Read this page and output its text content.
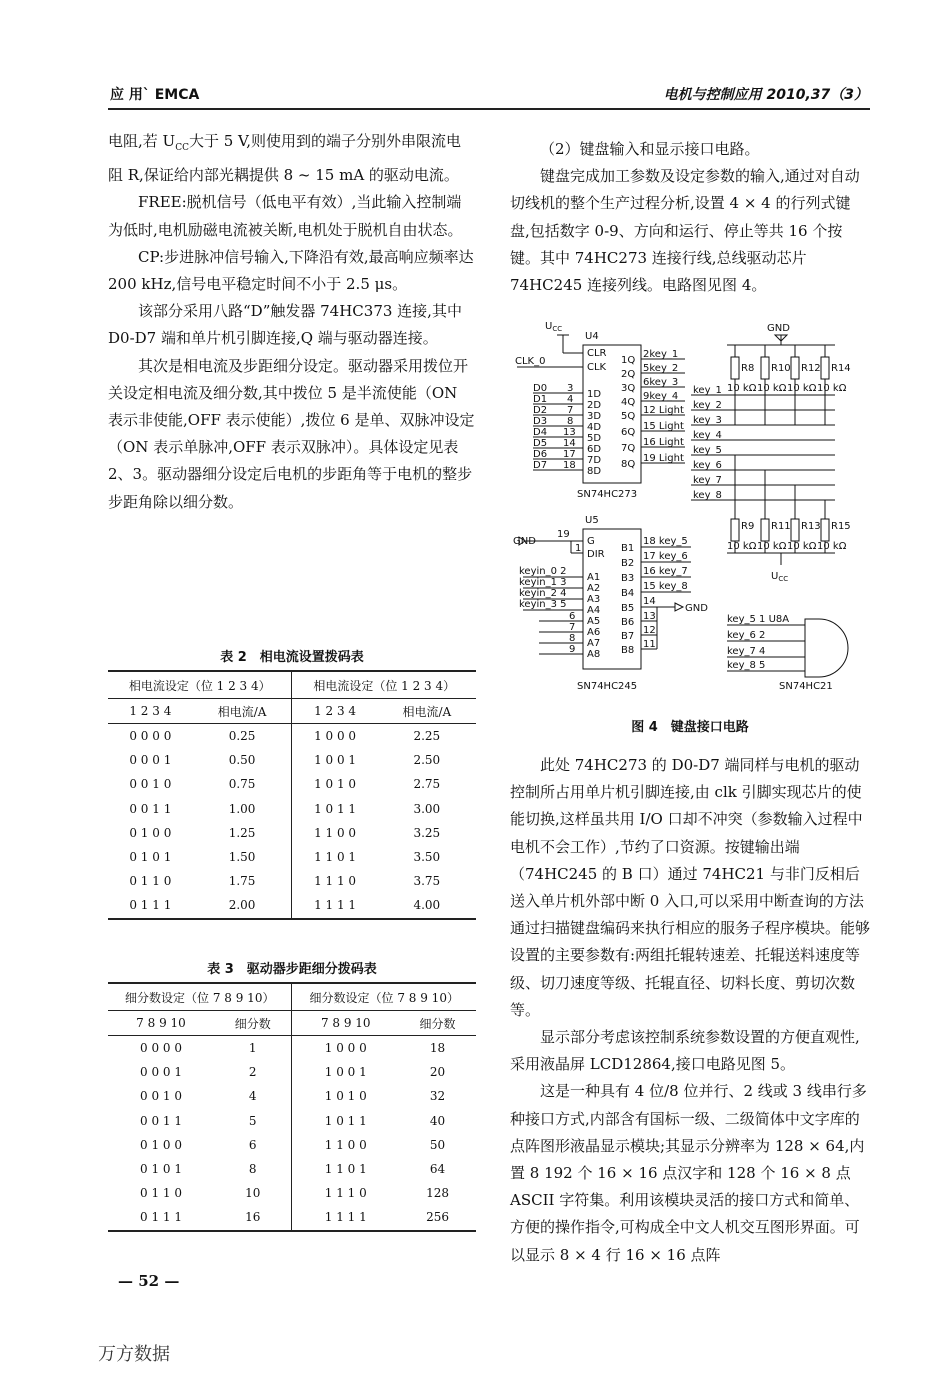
应 用` EMCA	电机与控制应用 2010,37（3）

电阻,若 $U_{CC}$大于 5 V,则使用到的端子分别外串限流电阻 R,保证给内部光耦提供 8 ~ 15 mA 的驱动电流。

FREE:脱机信号（低电平有效）,当此输入控制端为低时,电机励磁电流被关断,电机处于脱机自由状态。

CP:步进脉冲信号输入,下降沿有效,最高响应频率达 200 kHz,信号电平稳定时间不小于 2.5 μs。

该部分采用八路“D”触发器 74HC373 连接,其中 D0-D7 端和单片机引脚连接,Q 端与驱动器连接。

其次是相电流及步距细分设定。驱动器采用拨位开关设定相电流及细分数,其中拨位 5 是半流使能（ON 表示非使能,OFF 表示使能）,拨位 6 是单、双脉冲设定（ON 表示单脉冲,OFF 表示双脉冲）。具体设定见表 2、3。驱动器细分设定后电机的步距角等于电机的整步步距角除以细分数。

表 2　相电流设置拨码表
相电流设定（位 1 2 3 4）		相电流设定（位 1 2 3 4）	
1 2 3 4	相电流/A	1 2 3 4	相电流/A
0 0 0 0	0.25	1 0 0 0	2.25
0 0 0 1	0.50	1 0 0 1	2.50
0 0 1 0	0.75	1 0 1 0	2.75
0 0 1 1	1.00	1 0 1 1	3.00
0 1 0 0	1.25	1 1 0 0	3.25
0 1 0 1	1.50	1 1 0 1	3.50
0 1 1 0	1.75	1 1 1 0	3.75
0 1 1 1	2.00	1 1 1 1	4.00
表 3　驱动器步距细分拨码表
细分数设定（位 7 8 9 10）		细分数设定（位 7 8 9 10）	
7 8 9 10	细分数	7 8 9 10	细分数
0 0 0 0	1	1 0 0 0	18
0 0 0 1	2	1 0 0 1	20
0 0 1 0	4	1 0 1 0	32
0 0 1 1	5	1 0 1 1	40
0 1 0 0	6	1 1 0 0	50
0 1 0 1	8	1 1 0 1	64
0 1 1 0	10	1 1 1 0	128
0 1 1 1	16	1 1 1 1	256

（2）键盘输入和显示接口电路。

键盘完成加工参数及设定参数的输入,通过对自动切线机的整个生产过程分析,设置 4 × 4 的行列式键盘,包括数字 0-9、方向和运行、停止等共 16 个按键。其中 74HC273 连接行线,总线驱动芯片 74HC245 连接列线。电路图见图 4。

$U_{CC}$
U4
CLK_0
CLR
CLK
1Q
2Q
3Q
4Q
5Q
6Q
7Q
8Q
2key_1
5key_2
6key_3
9key_4
12 Light
15 Light
16 Light
19 Light
D0
D1
D2
D3
D4
D5
D6
D7
3
4
7
8
13
14
17
18
1D
2D
3D
4D
5D
6D
7D
8D
SN74HC273
GND
R8 R10 R12 R14
10 kΩ 10 kΩ 10 kΩ 10 kΩ
key_1
key_2
key_3
key_4
key_5
key_6
key_7
key_8
R9 R11 R13 R15
10 kΩ 10 kΩ 10 kΩ 10 kΩ
$U_{CC}$
U5
GND
19
1
G
DIR
keyin_0 2
keyin_1 3
keyin_2 4
keyin_3 5
6
7
8
9
A1
A2
A3
A4
A5
A6
A7
A8
B1
B2
B3
B4
B5
B6
B7
B8
18 key_5
17 key_6
16 key_7
15 key_8
14
13
12
11
GND
SN74HC245
key_5 1 U8A
key_6 2
key_7 4
key_8 5
SN74HC21
图 4　键盘接口电路

此处 74HC273 的 D0-D7 端同样与电机的驱动控制所占用单片机引脚连接,由 clk 引脚实现芯片的使能切换,这样虽共用 I/O 口却不冲突（参数输入过程中电机不会工作）,节约了口资源。按键输出端（74HC245 的 B 口）通过 74HC21 与非门反相后送入单片机外部中断 0 入口,可以采用中断查询的方法通过扫描键盘编码来执行相应的服务子程序模块。能够设置的主要参数有:两组托辊转速差、托辊送料速度等级、切刀速度等级、托辊直径、切料长度、剪切次数等。

显示部分考虑该控制系统参数设置的方便直观性,采用液晶屏 LCD12864,接口电路见图 5。

这是一种具有 4 位/8 位并行、2 线或 3 线串行多种接口方式,内部含有国标一级、二级简体中文字库的点阵图形液晶显示模块;其显示分辨率为 128 × 64,内置 8 192 个 16 × 16 点汉字和 128 个 16 × 8 点 ASCII 字符集。利用该模块灵活的接口方式和简单、方便的操作指令,可构成全中文人机交互图形界面。可以显示 8 × 4 行 16 × 16 点阵

— 52 —
万方数据
